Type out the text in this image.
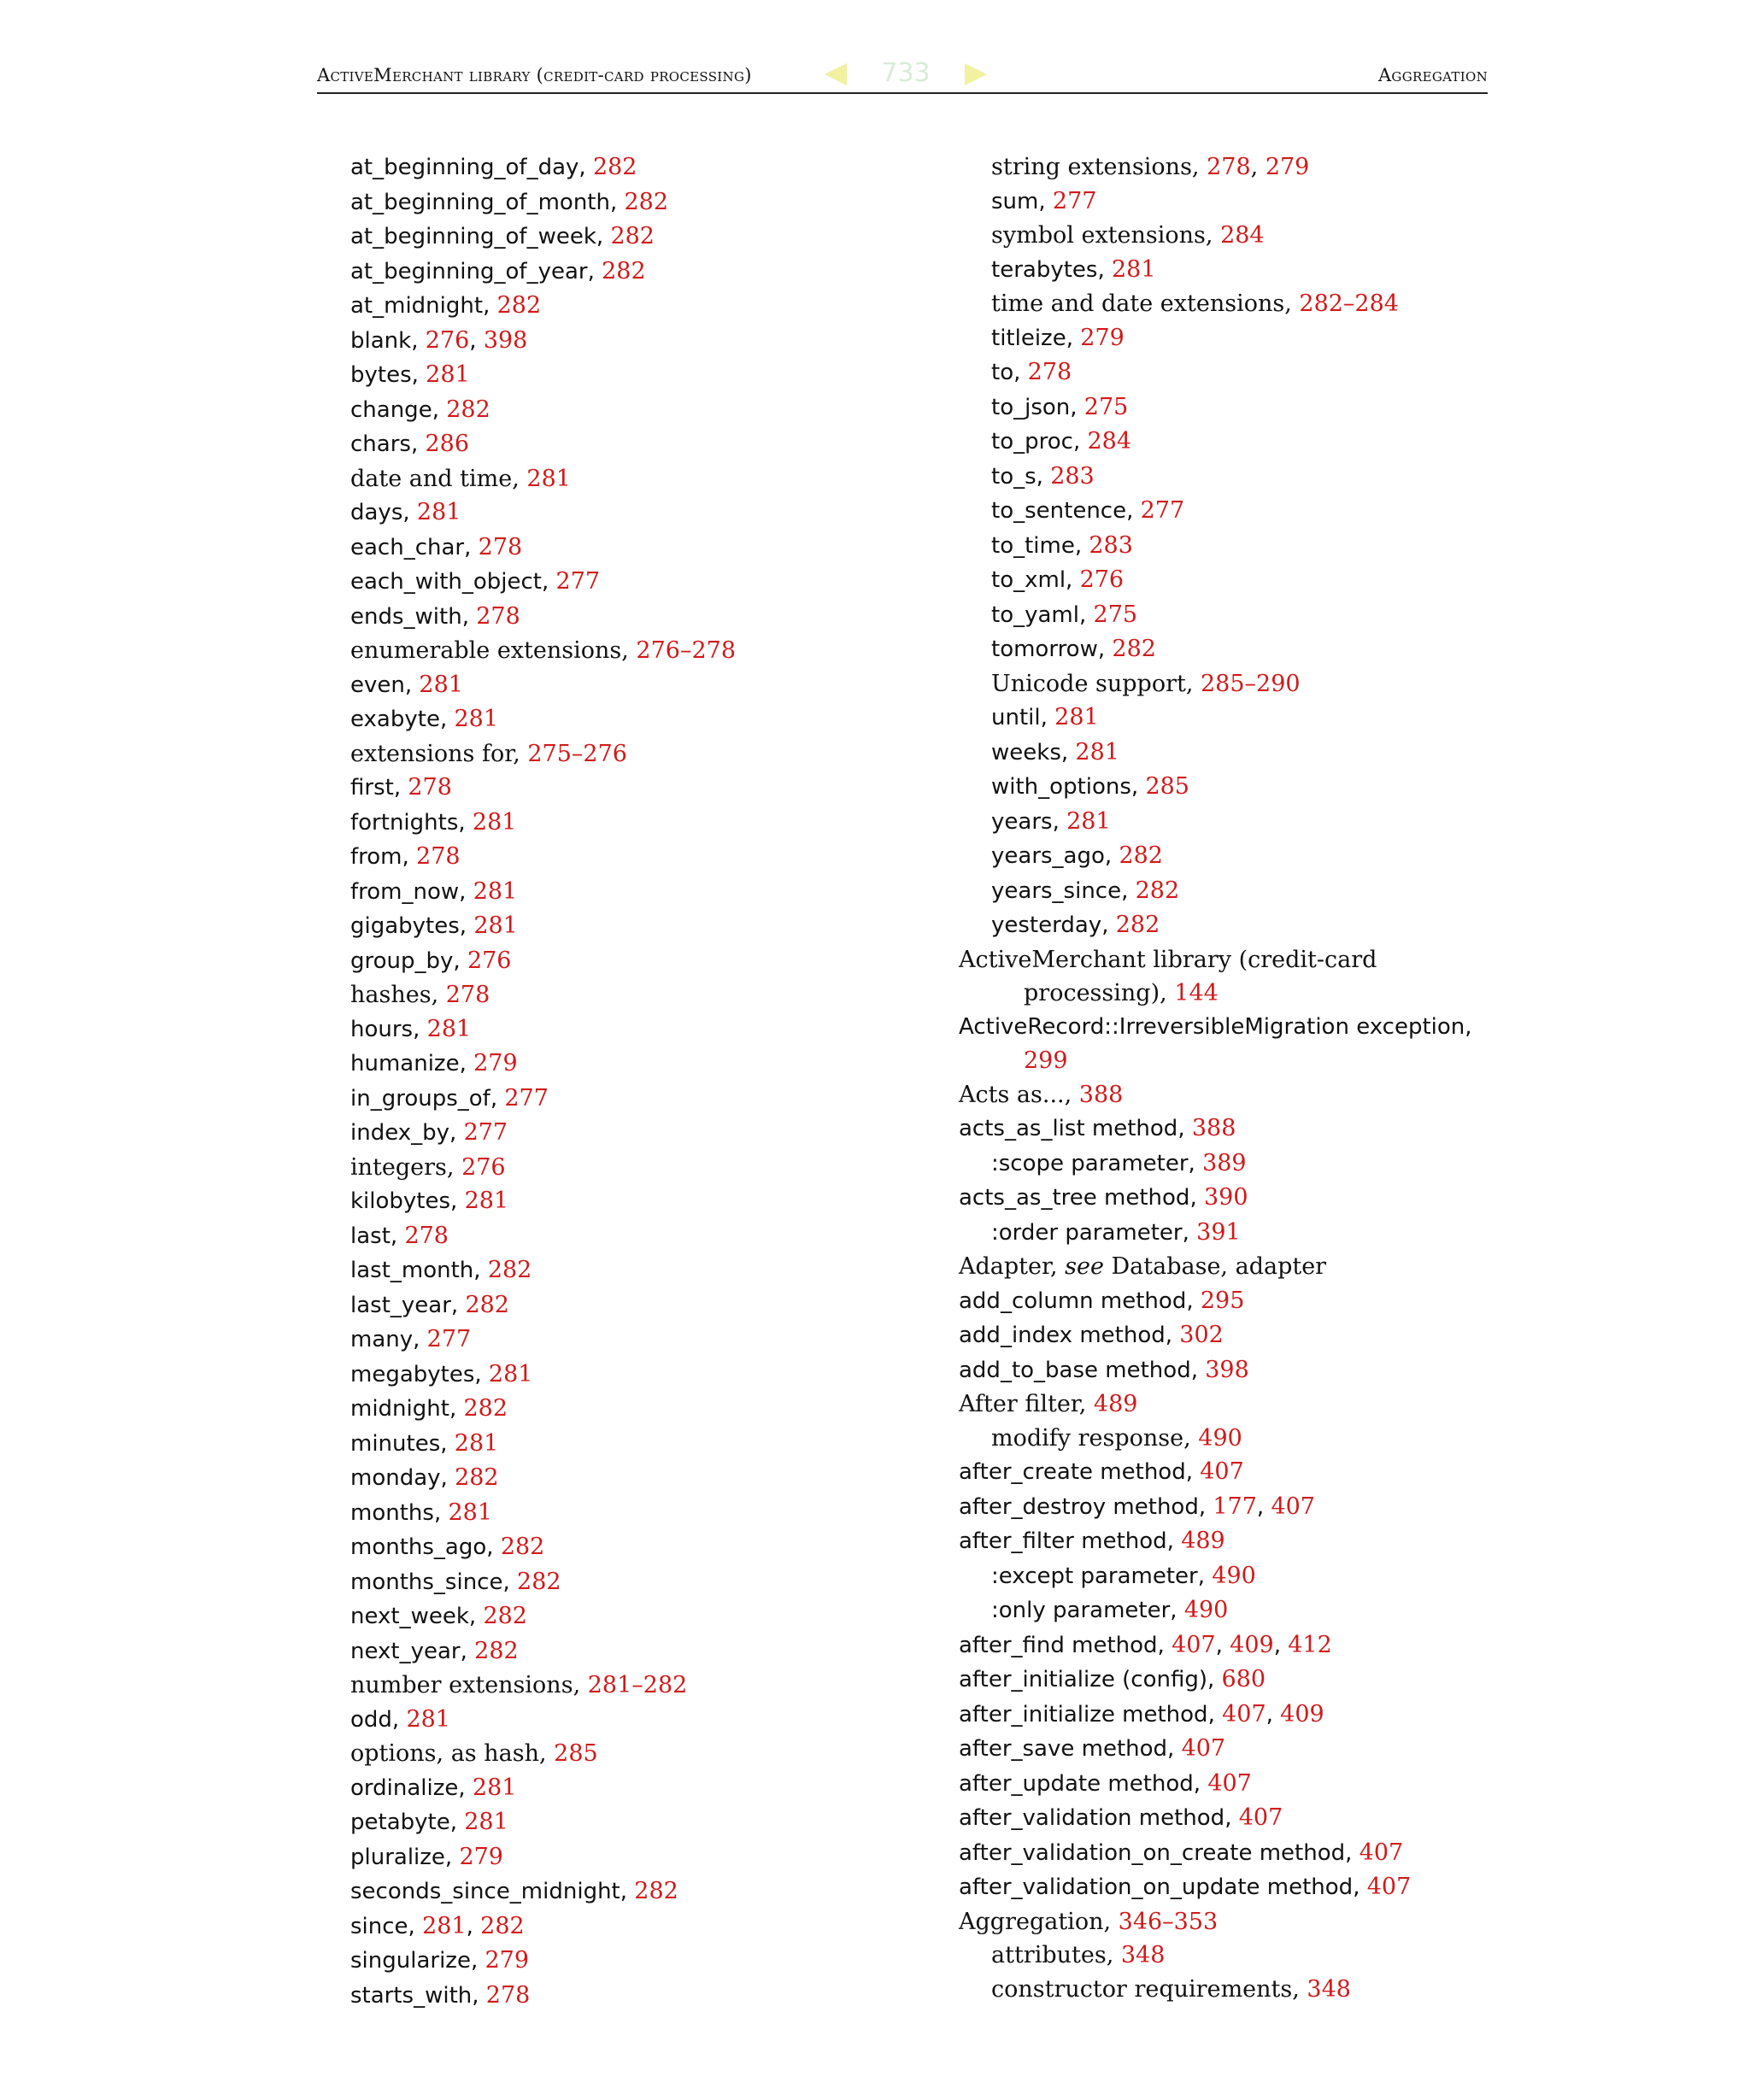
ActiveMerchant library (credit-card processing)	733	Aggregation
at_beginning_of_day, 282
at_beginning_of_month, 282
at_beginning_of_week, 282
at_beginning_of_year, 282
at_midnight, 282
blank, 276, 398
bytes, 281
change, 282
chars, 286
date and time, 281
days, 281
each_char, 278
each_with_object, 277
ends_with, 278
enumerable extensions, 276–278
even, 281
exabyte, 281
extensions for, 275–276
first, 278
fortnights, 281
from, 278
from_now, 281
gigabytes, 281
group_by, 276
hashes, 278
hours, 281
humanize, 279
in_groups_of, 277
index_by, 277
integers, 276
kilobytes, 281
last, 278
last_month, 282
last_year, 282
many, 277
megabytes, 281
midnight, 282
minutes, 281
monday, 282
months, 281
months_ago, 282
months_since, 282
next_week, 282
next_year, 282
number extensions, 281–282
odd, 281
options, as hash, 285
ordinalize, 281
petabyte, 281
pluralize, 279
seconds_since_midnight, 282
since, 281, 282
singularize, 279
starts_with, 278
string extensions, 278, 279
sum, 277
symbol extensions, 284
terabytes, 281
time and date extensions, 282–284
titleize, 279
to, 278
to_json, 275
to_proc, 284
to_s, 283
to_sentence, 277
to_time, 283
to_xml, 276
to_yaml, 275
tomorrow, 282
Unicode support, 285–290
until, 281
weeks, 281
with_options, 285
years, 281
years_ago, 282
years_since, 282
yesterday, 282
ActiveMerchant library (credit-card
processing), 144
ActiveRecord::IrreversibleMigration exception,
299
Acts as..., 388
acts_as_list method, 388
:scope parameter, 389
acts_as_tree method, 390
:order parameter, 391
Adapter, see Database, adapter
add_column method, 295
add_index method, 302
add_to_base method, 398
After filter, 489
modify response, 490
after_create method, 407
after_destroy method, 177, 407
after_filter method, 489
:except parameter, 490
:only parameter, 490
after_find method, 407, 409, 412
after_initialize (config), 680
after_initialize method, 407, 409
after_save method, 407
after_update method, 407
after_validation method, 407
after_validation_on_create method, 407
after_validation_on_update method, 407
Aggregation, 346–353
attributes, 348
constructor requirements, 348
